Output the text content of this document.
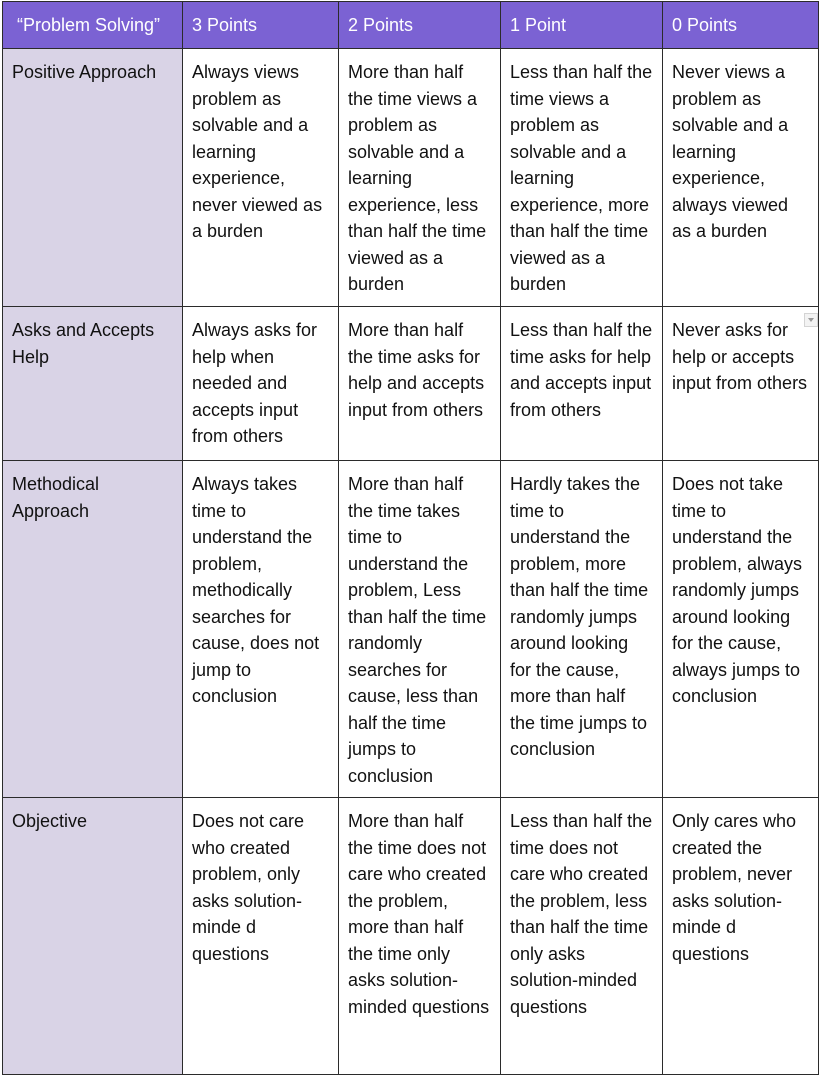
“Problem Solving”	3 Points	2 Points	1 Point	0 Points
Positive Approach	Always views problem as solvable and a learning experience, never viewed as a burden	More than half the time views a problem as solvable and a learning experience, less than half the time viewed as a burden	Less than half the time views a problem as solvable and a learning experience, more than half the time viewed as a burden	Never views a problem as solvable and a learning experience, always viewed as a burden
Asks and Accepts Help	Always asks for help when needed and accepts input from others	More than half the time asks for help and accepts input from others	Less than half the time asks for help and accepts input from others	Never asks for help or accepts input from others
Methodical Approach	Always takes time to understand the problem, methodically searches for cause, does not jump to conclusion	More than half the time takes time to understand the problem, Less than half the time randomly searches for cause, less than half the time jumps to conclusion	Hardly takes the time to understand the problem, more than half the time randomly jumps around looking for the cause, more than half the time jumps to conclusion	Does not take time to understand the problem, always randomly jumps around looking for the cause, always jumps to conclusion
Objective	Does not care who created problem, only asks solution-minde d questions	More than half the time does not care who created the problem, more than half the time only asks solution-minded questions	Less than half the time does not care who created the problem, less than half the time only asks solution-minded questions	Only cares who created the problem, never asks solution-minde d questions
